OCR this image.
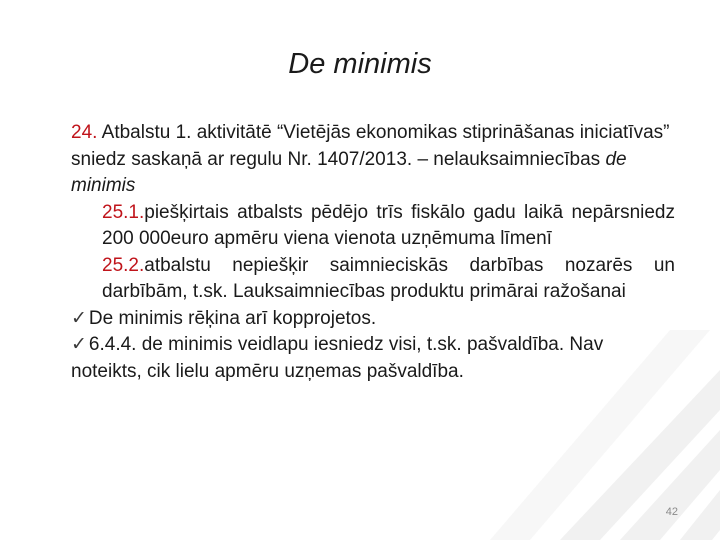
De minimis

24. Atbalstu 1. aktivitātē “Vietējās ekonomikas stiprināšanas iniciatīvas” sniedz saskaņā ar regulu Nr. 1407/2013. – nelauksaimniecības de minimis

25.1.piešķirtais atbalsts pēdējo trīs fiskālo gadu laikā nepārsniedz 200 000euro apmēru viena vienota uzņēmuma līmenī

25.2.atbalstu nepiešķir saimnieciskās darbības nozarēs un darbībām, t.sk. Lauksaimniecības produktu primārai ražošanai

✓ De minimis rēķina arī kopprojetos.

✓ 6.4.4. de minimis veidlapu iesniedz visi, t.sk. pašvaldība. Nav noteikts, cik lielu apmēru uzņemas pašvaldība.

42
